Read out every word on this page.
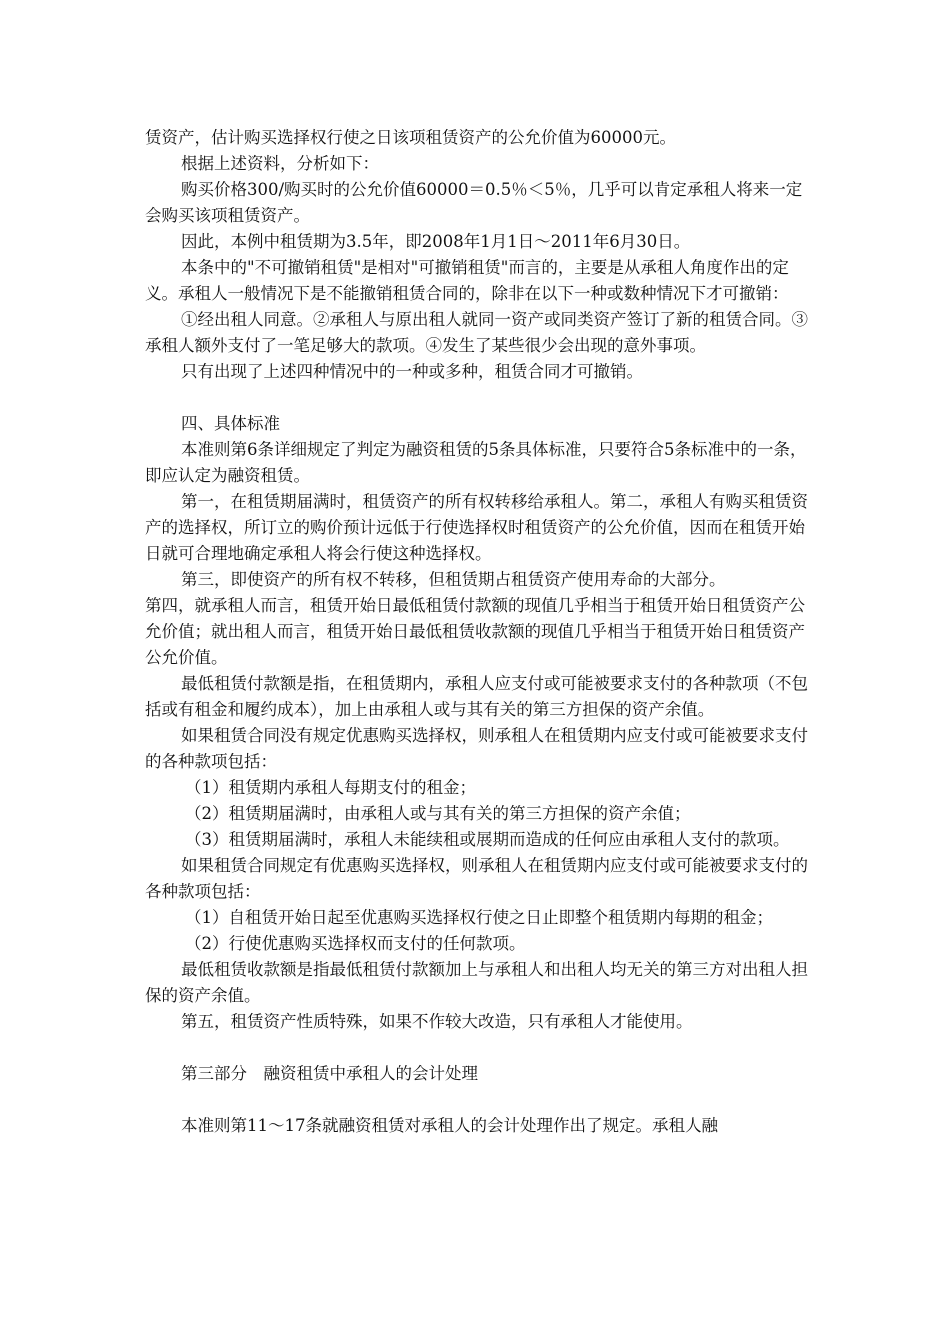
赁资产，估计购买选择权行使之日该项租赁资产的公允价值为60000元。

根据上述资料，分析如下：

购买价格300/购买时的公允价值60000＝0.5％＜5％，几乎可以肯定承租人将来一定会购买该项租赁资产。

因此，本例中租赁期为3.5年，即2008年1月1日～2011年6月30日。

本条中的"不可撤销租赁"是相对"可撤销租赁"而言的，主要是从承租人角度作出的定义。承租人一般情况下是不能撤销租赁合同的，除非在以下一种或数种情况下才可撤销：

①经出租人同意。②承租人与原出租人就同一资产或同类资产签订了新的租赁合同。③承租人额外支付了一笔足够大的款项。④发生了某些很少会出现的意外事项。

只有出现了上述四种情况中的一种或多种，租赁合同才可撤销。

四、具体标准

本准则第6条详细规定了判定为融资租赁的5条具体标准，只要符合5条标准中的一条，即应认定为融资租赁。

第一，在租赁期届满时，租赁资产的所有权转移给承租人。第二，承租人有购买租赁资产的选择权，所订立的购价预计远低于行使选择权时租赁资产的公允价值，因而在租赁开始日就可合理地确定承租人将会行使这种选择权。

第三，即使资产的所有权不转移，但租赁期占租赁资产使用寿命的大部分。

第四，就承租人而言，租赁开始日最低租赁付款额的现值几乎相当于租赁开始日租赁资产公允价值；就出租人而言，租赁开始日最低租赁收款额的现值几乎相当于租赁开始日租赁资产公允价值。

最低租赁付款额是指，在租赁期内，承租人应支付或可能被要求支付的各种款项（不包括或有租金和履约成本），加上由承租人或与其有关的第三方担保的资产余值。

如果租赁合同没有规定优惠购买选择权，则承租人在租赁期内应支付或可能被要求支付的各种款项包括：

（1）租赁期内承租人每期支付的租金；

（2）租赁期届满时，由承租人或与其有关的第三方担保的资产余值；

（3）租赁期届满时，承租人未能续租或展期而造成的任何应由承租人支付的款项。

如果租赁合同规定有优惠购买选择权，则承租人在租赁期内应支付或可能被要求支付的各种款项包括：

（1）自租赁开始日起至优惠购买选择权行使之日止即整个租赁期内每期的租金；

（2）行使优惠购买选择权而支付的任何款项。

最低租赁收款额是指最低租赁付款额加上与承租人和出租人均无关的第三方对出租人担保的资产余值。

第五，租赁资产性质特殊，如果不作较大改造，只有承租人才能使用。

第三部分　融资租赁中承租人的会计处理

本准则第11～17条就融资租赁对承租人的会计处理作出了规定。承租人融
